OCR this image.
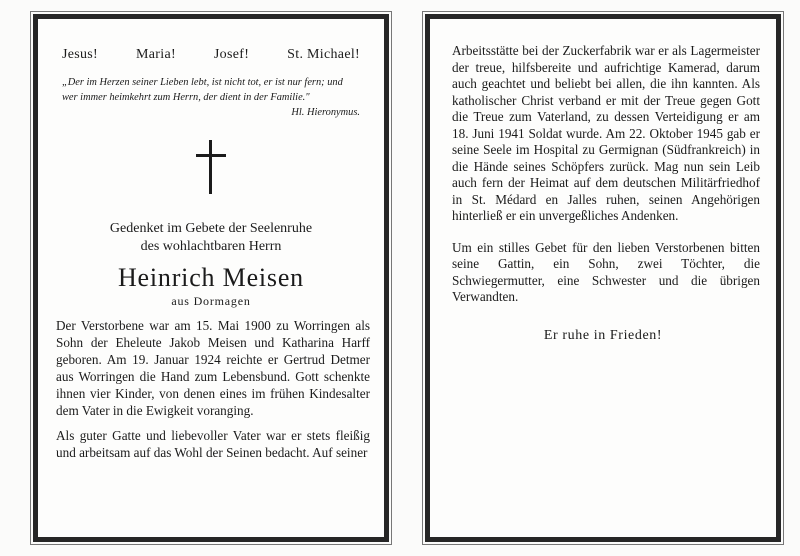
Jesus!	Maria!	Josef!	St. Michael!
„Der im Herzen seiner Lieben lebt, ist nicht tot, er ist nur fern; und wer immer heimkehrt zum Herrn, der dient in der Familie."
Hl. Hieronymus.
Gedenket im Gebete der Seelenruhe
des wohlachtbaren Herrn
Heinrich Meisen
aus Dormagen

Der Verstorbene war am 15. Mai 1900 zu Worringen als Sohn der Eheleute Jakob Meisen und Katharina Harff geboren. Am 19. Januar 1924 reichte er Gertrud Detmer aus Worringen die Hand zum Lebensbund. Gott schenkte ihnen vier Kinder, von denen eines im frühen Kindesalter dem Vater in die Ewigkeit voranging.

Als guter Gatte und liebevoller Vater war er stets fleißig und arbeitsam auf das Wohl der Seinen bedacht. Auf seiner

Arbeitsstätte bei der Zuckerfabrik war er als Lagermeister der treue, hilfsbereite und aufrichtige Kamerad, darum auch geachtet und beliebt bei allen, die ihn kannten. Als katholischer Christ verband er mit der Treue gegen Gott die Treue zum Vaterland, zu dessen Verteidigung er am 18. Juni 1941 Soldat wurde. Am 22. Oktober 1945 gab er seine Seele im Hospital zu Germignan (Südfrankreich) in die Hände seines Schöpfers zurück. Mag nun sein Leib auch fern der Heimat auf dem deutschen Militärfriedhof in St. Médard en Jalles ruhen, seinen Angehörigen hinterließ er ein unvergeßliches Andenken.

Um ein stilles Gebet für den lieben Verstorbenen bitten seine Gattin, ein Sohn, zwei Töchter, die Schwiegermutter, eine Schwester und die übrigen Verwandten.

Er ruhe in Frieden!
